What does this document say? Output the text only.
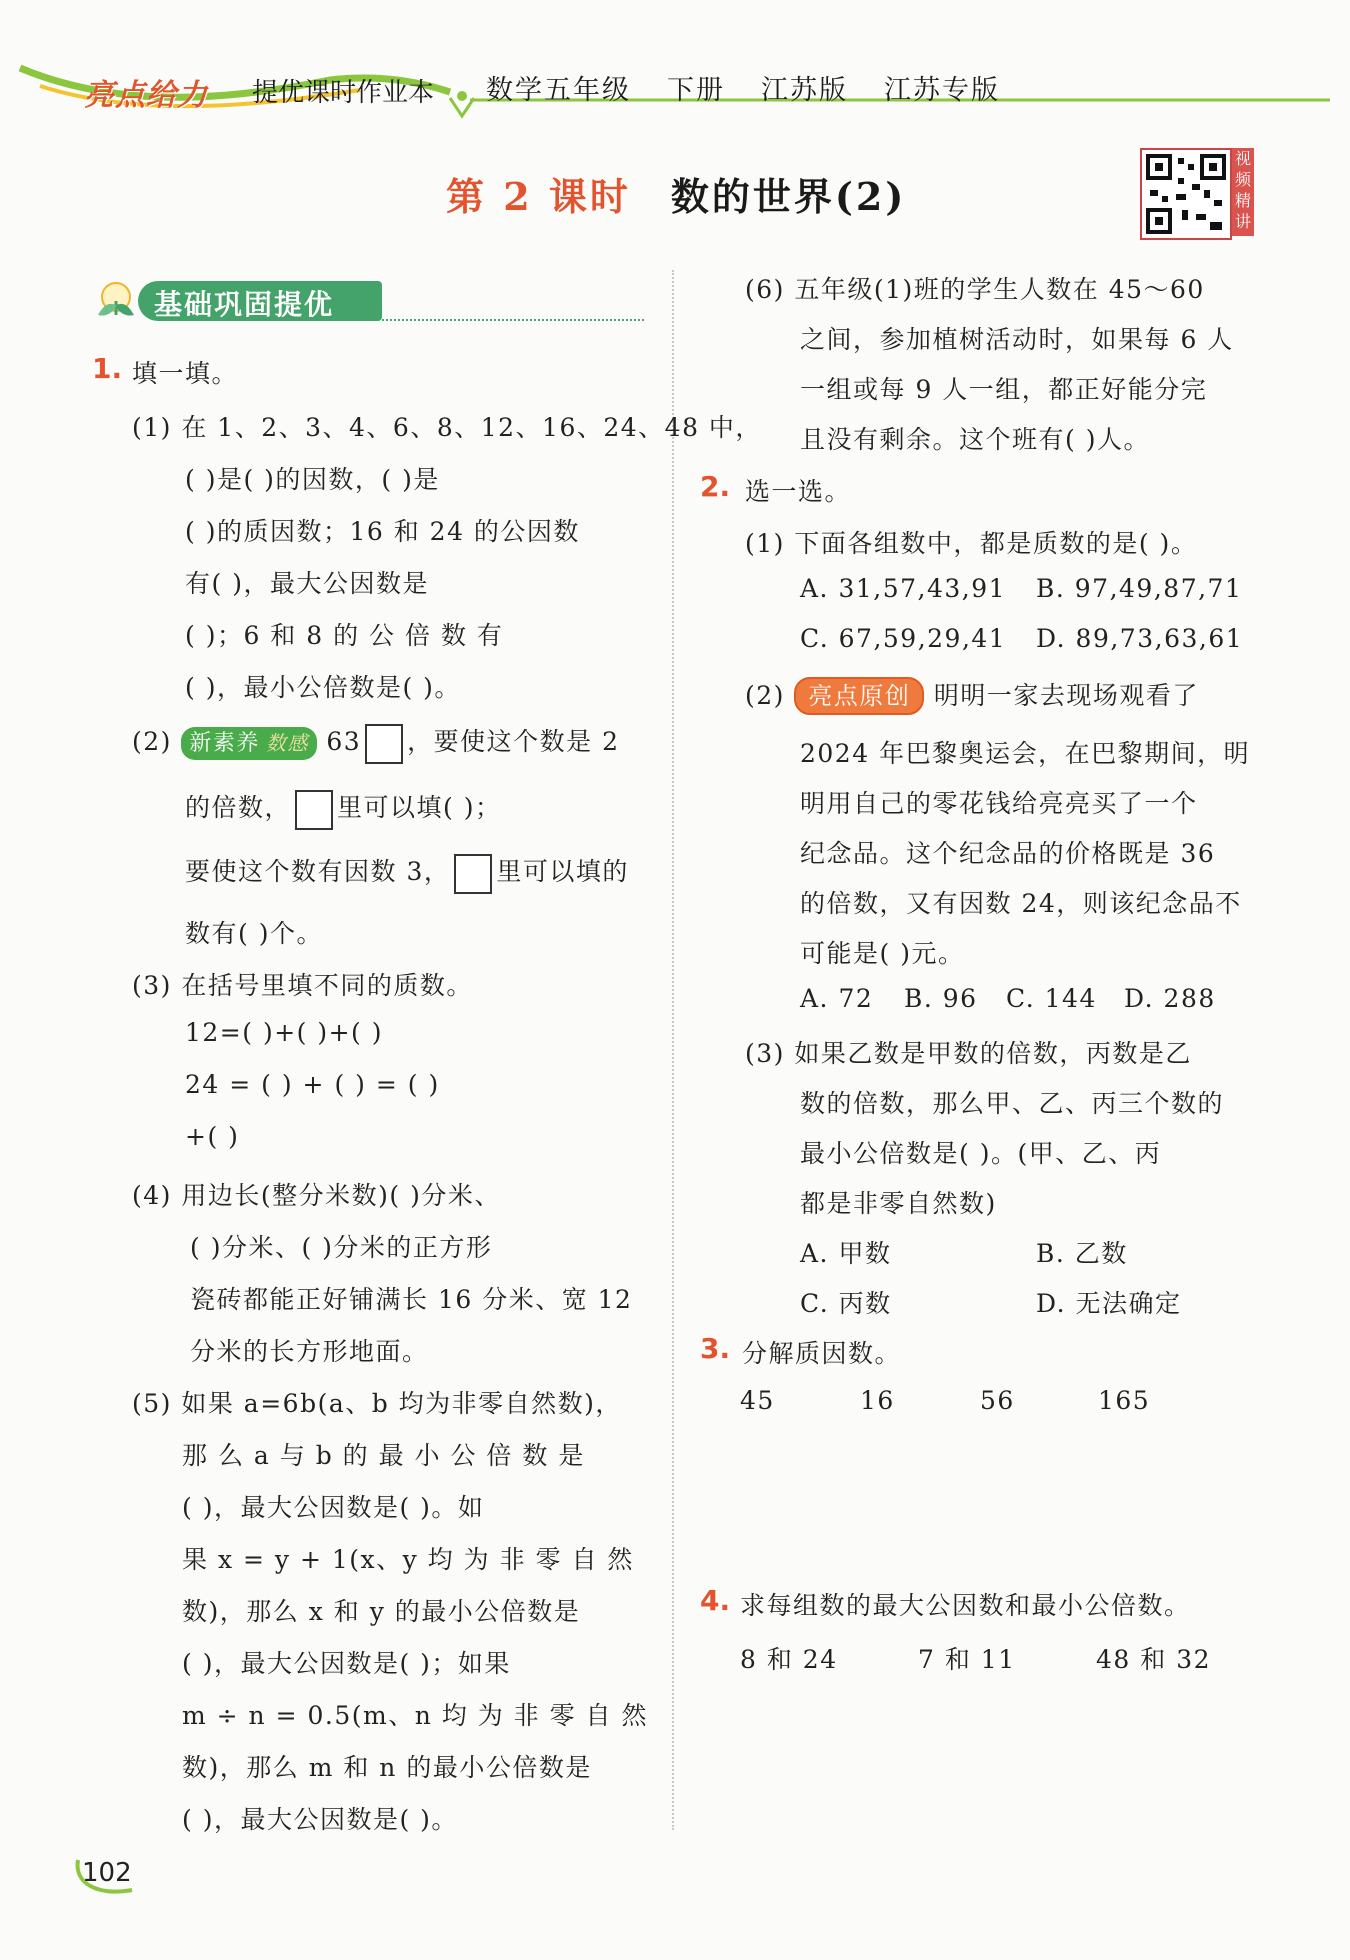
亮点给力 提优课时作业本 数学五年级 下册 江苏版 江苏专版
第 2 课时 数的世界(2)
视频精讲
基础巩固提优
1. 填一填。
(1) 在 1、2、3、4、6、8、12、16、24、48 中，
( )是( )的因数，( )是
( )的质因数；16 和 24 的公因数
有( )，最大公因数是
( )；6 和 8 的 公 倍 数 有
( )，最小公倍数是( )。
(2) 新素养 数感 63 ，要使这个数是 2
的倍数， 里可以填( )；
要使这个数有因数 3， 里可以填的
数有( )个。
(3) 在括号里填不同的质数。
12=( )+( )+( )
24 = ( ) + ( ) = ( )
+( )
(4) 用边长(整分米数)( )分米、
( )分米、( )分米的正方形
瓷砖都能正好铺满长 16 分米、宽 12
分米的长方形地面。
(5) 如果 a=6b(a、b 均为非零自然数)，
那 么 a 与 b 的 最 小 公 倍 数 是
( )，最大公因数是( )。如
果 x = y + 1(x、y 均 为 非 零 自 然
数)，那么 x 和 y 的最小公倍数是
( )，最大公因数是( )；如果
m ÷ n = 0.5(m、n 均 为 非 零 自 然
数)，那么 m 和 n 的最小公倍数是
( )，最大公因数是( )。
(6) 五年级(1)班的学生人数在 45～60
之间，参加植树活动时，如果每 6 人
一组或每 9 人一组，都正好能分完
且没有剩余。这个班有( )人。
2. 选一选。
(1) 下面各组数中，都是质数的是( )。
A. 31,57,43,91 B. 97,49,87,71
C. 67,59,29,41 D. 89,73,63,61
(2) 亮点原创 明明一家去现场观看了
2024 年巴黎奥运会，在巴黎期间，明
明用自己的零花钱给亮亮买了一个
纪念品。这个纪念品的价格既是 36
的倍数，又有因数 24，则该纪念品不
可能是( )元。
A. 72 B. 96 C. 144 D. 288
(3) 如果乙数是甲数的倍数，丙数是乙
数的倍数，那么甲、乙、丙三个数的
最小公倍数是( )。(甲、乙、丙
都是非零自然数)
A. 甲数	B. 乙数
C. 丙数	D. 无法确定
3. 分解质因数。
45	16	56	165
4. 求每组数的最大公因数和最小公倍数。
8 和 24	7 和 11	48 和 32
102
